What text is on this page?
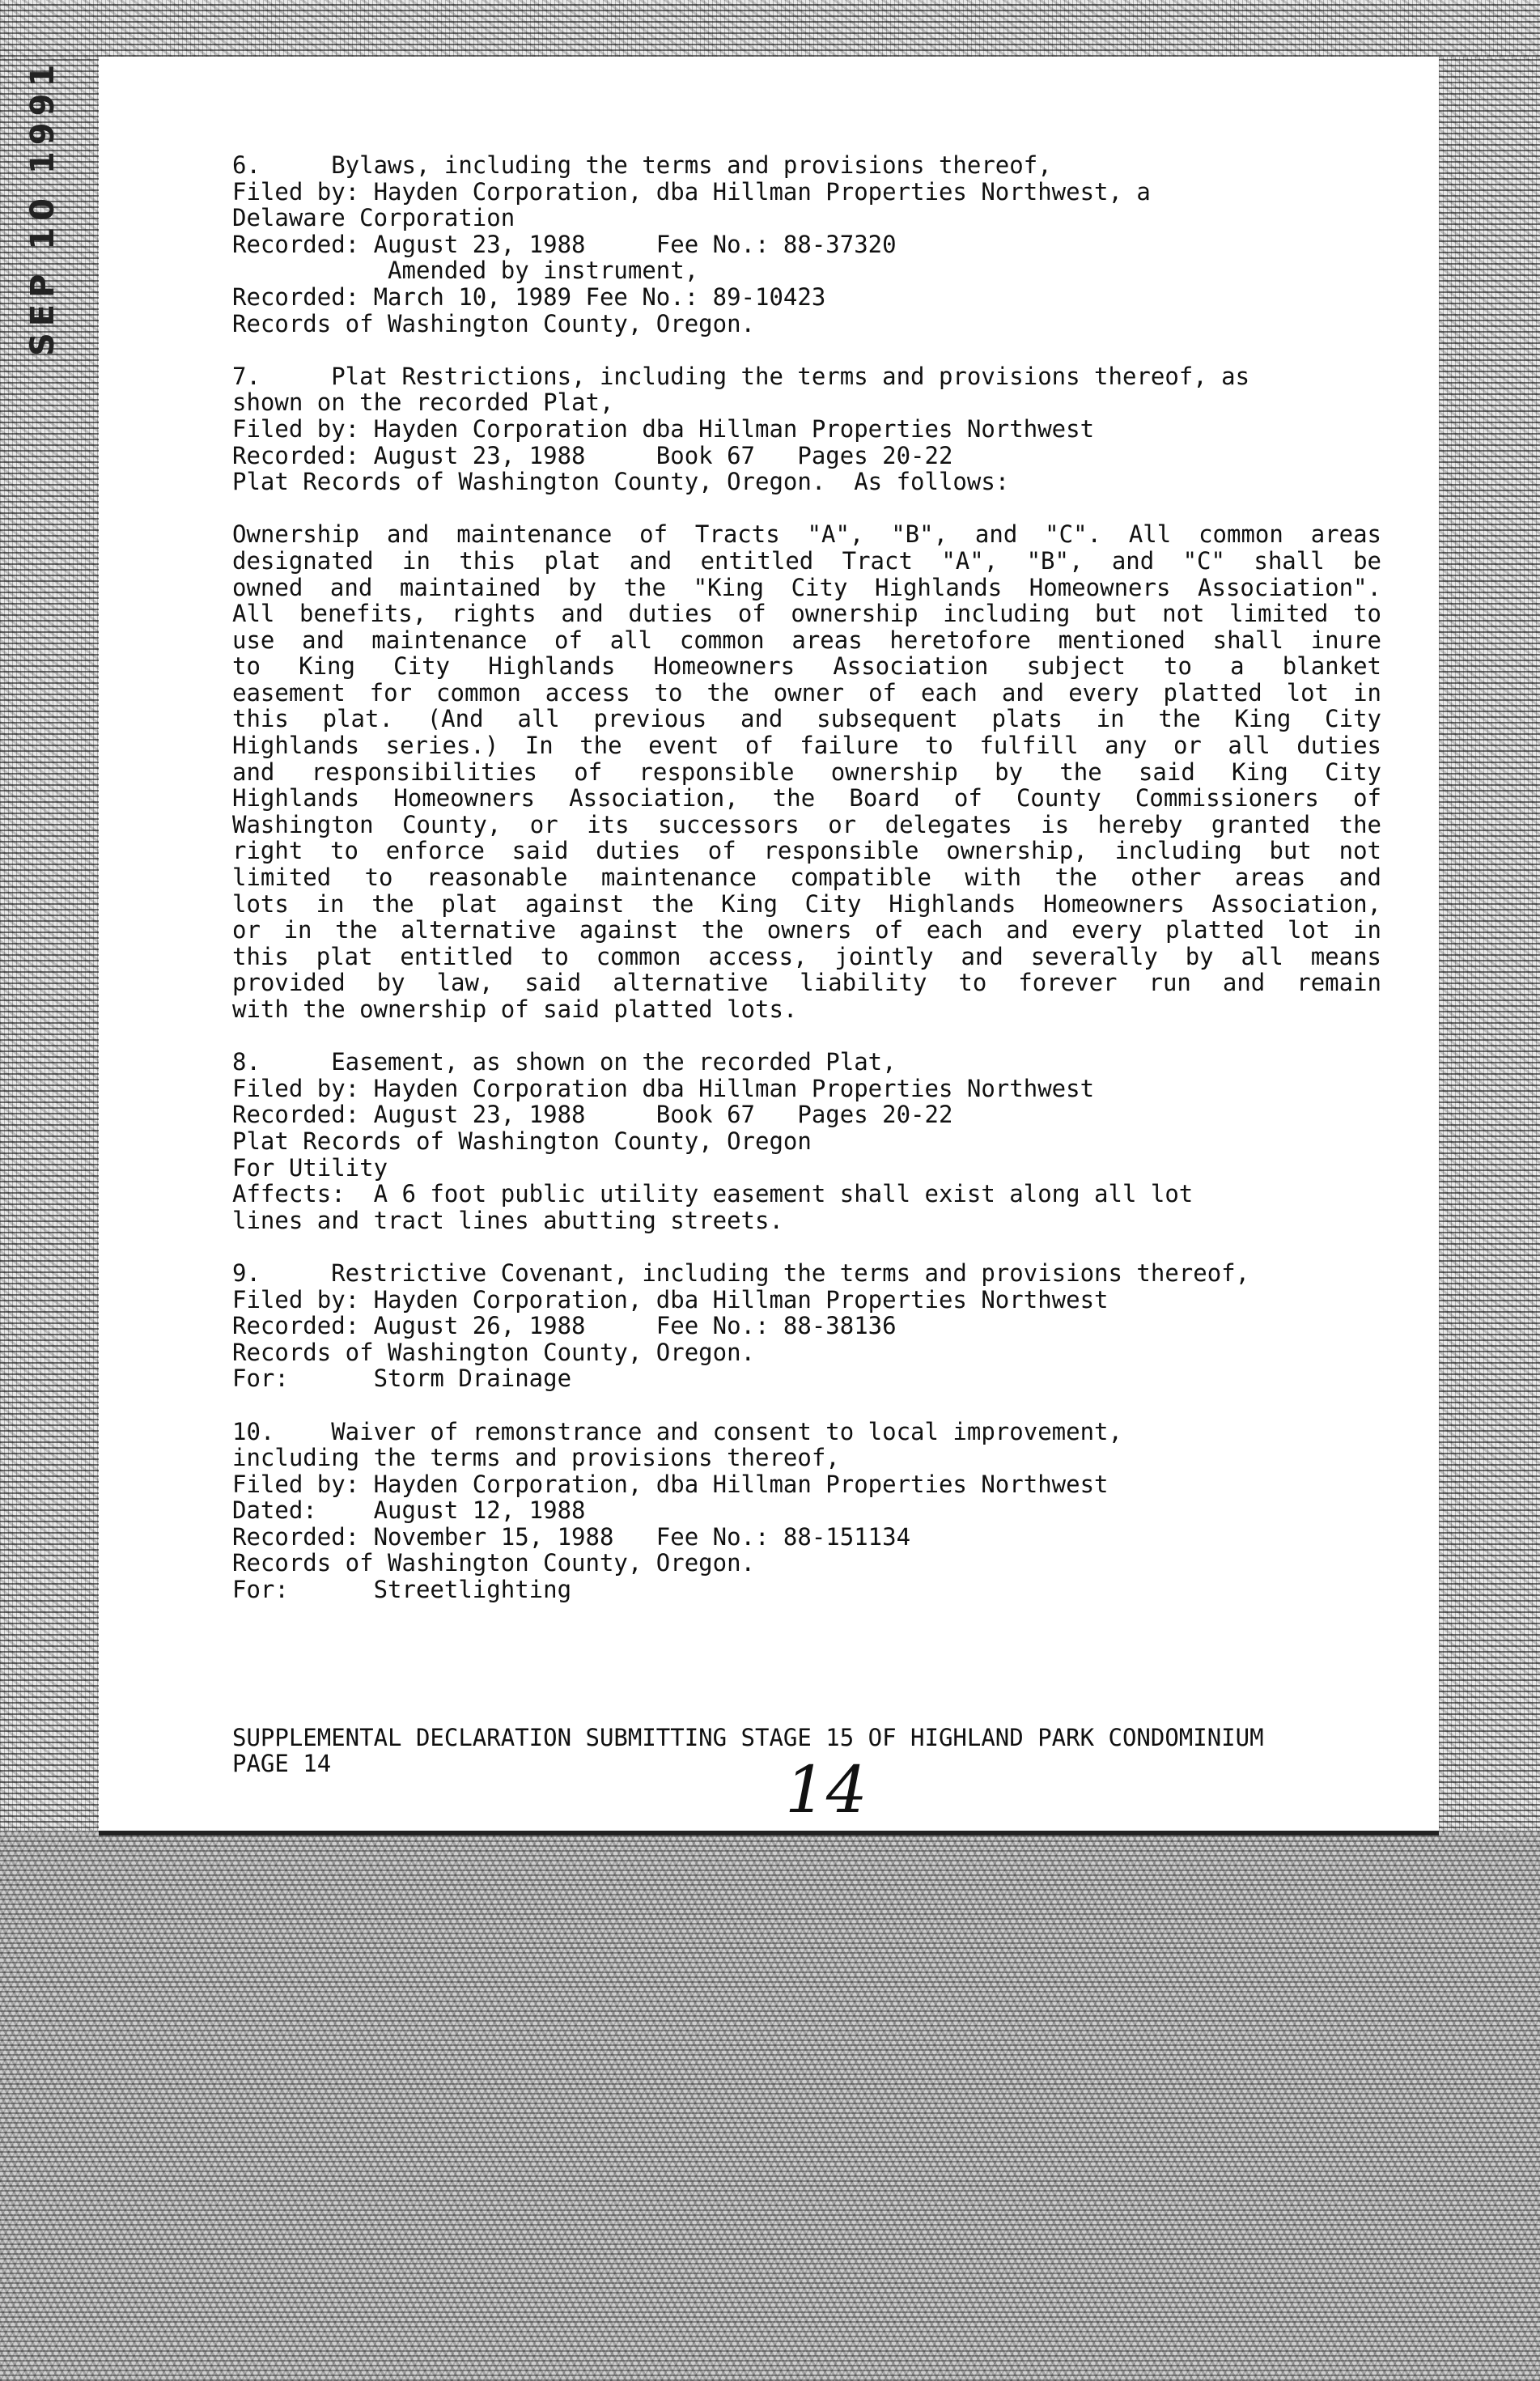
SEP 10 1991	6.     Bylaws, including the terms and provisions thereof,
Filed by: Hayden Corporation, dba Hillman Properties Northwest, a
Delaware Corporation
Recorded: August 23, 1988     Fee No.: 88-37320
Amended by instrument,
Recorded: March 10, 1989 Fee No.: 89-10423
Records of Washington County, Oregon.
7.     Plat Restrictions, including the terms and provisions thereof, as
shown on the recorded Plat,
Filed by: Hayden Corporation dba Hillman Properties Northwest
Recorded: August 23, 1988     Book 67   Pages 20-22
Plat Records of Washington County, Oregon.  As follows:
Ownership and maintenance of Tracts "A", "B", and "C". All common areas
designated in this plat and entitled Tract "A", "B", and "C" shall be
owned and maintained by the "King City Highlands Homeowners Association".
All benefits, rights and duties of ownership including but not limited to
use and maintenance of all common areas heretofore mentioned shall inure
to King City Highlands Homeowners Association subject to a blanket
easement for common access to the owner of each and every platted lot in
this plat. (And all previous and subsequent plats in the King City
Highlands series.) In the event of failure to fulfill any or all duties
and responsibilities of responsible ownership by the said King City
Highlands Homeowners Association, the Board of County Commissioners of
Washington County, or its successors or delegates is hereby granted the
right to enforce said duties of responsible ownership, including but not
limited to reasonable maintenance compatible with the other areas and
lots in the plat against the King City Highlands Homeowners Association,
or in the alternative against the owners of each and every platted lot in
this plat entitled to common access, jointly and severally by all means
provided by law, said alternative liability to forever run and remain
with the ownership of said platted lots.
8.     Easement, as shown on the recorded Plat,
Filed by: Hayden Corporation dba Hillman Properties Northwest
Recorded: August 23, 1988     Book 67   Pages 20-22
Plat Records of Washington County, Oregon
For Utility
Affects:  A 6 foot public utility easement shall exist along all lot
lines and tract lines abutting streets.
9.     Restrictive Covenant, including the terms and provisions thereof,
Filed by: Hayden Corporation, dba Hillman Properties Northwest
Recorded: August 26, 1988     Fee No.: 88-38136
Records of Washington County, Oregon.
For:      Storm Drainage
10.    Waiver of remonstrance and consent to local improvement,
including the terms and provisions thereof,
Filed by: Hayden Corporation, dba Hillman Properties Northwest
Dated:    August 12, 1988
Recorded: November 15, 1988   Fee No.: 88-151134
Records of Washington County, Oregon.
For:      Streetlighting
SUPPLEMENTAL DECLARATION SUBMITTING STAGE 15 OF HIGHLAND PARK CONDOMINIUM
PAGE 14	14
